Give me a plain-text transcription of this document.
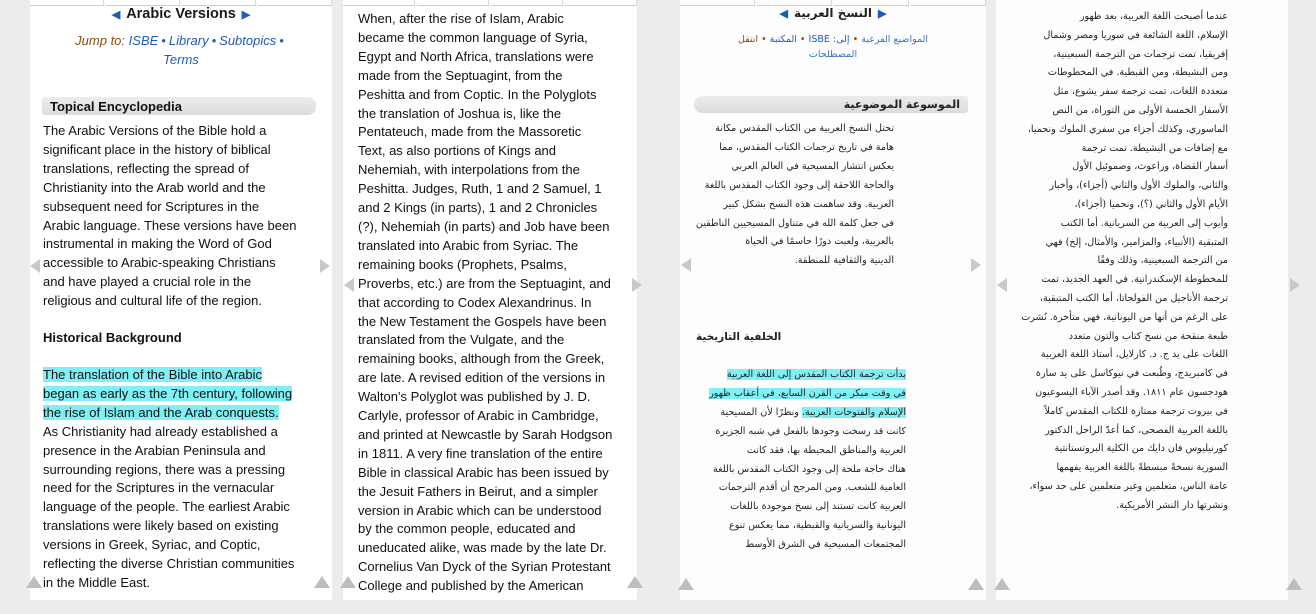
◀ Arabic Versions ▶
Jump to: ISBE • Library • Subtopics •
Terms
Topical Encyclopedia
The Arabic Versions of the Bible hold a
significant place in the history of biblical
translations, reflecting the spread of
Christianity into the Arab world and the
subsequent need for Scriptures in the
Arabic language. These versions have been
instrumental in making the Word of God
accessible to Arabic-speaking Christians
and have played a crucial role in the
religious and cultural life of the region.
Historical Background
The translation of the Bible into Arabic
began as early as the 7th century, following
the rise of Islam and the Arab conquests.
As Christianity had already established a
presence in the Arabian Peninsula and
surrounding regions, there was a pressing
need for the Scriptures in the vernacular
language of the people. The earliest Arabic
translations were likely based on existing
versions in Greek, Syriac, and Coptic,
reflecting the diverse Christian communities
in the Middle East.
When, after the rise of Islam, Arabic
became the common language of Syria,
Egypt and North Africa, translations were
made from the Septuagint, from the
Peshitta and from Coptic. In the Polyglots
the translation of Joshua is, like the
Pentateuch, made from the Massoretic
Text, as also portions of Kings and
Nehemiah, with interpolations from the
Peshitta. Judges, Ruth, 1 and 2 Samuel, 1
and 2 Kings (in parts), 1 and 2 Chronicles
(?), Nehemiah (in parts) and Job have been
translated into Arabic from Syriac. The
remaining books (Prophets, Psalms,
Proverbs, etc.) are from the Septuagint, and
that according to Codex Alexandrinus. In
the New Testament the Gospels have been
translated from the Vulgate, and the
remaining books, although from the Greek,
are late. A revised edition of the versions in
Walton's Polyglot was published by J. D.
Carlyle, professor of Arabic in Cambridge,
and printed at Newcastle by Sarah Hodgson
in 1811. A very fine translation of the entire
Bible in classical Arabic has been issued by
the Jesuit Fathers in Beirut, and a simpler
version in Arabic which can be understood
by the common people, educated and
uneducated alike, was made by the late Dr.
Cornelius Van Dyck of the Syrian Protestant
College and published by the American
◀ النسخ العربية ▶
المواضيع الفرعية • إلى: ISBE • المكتبة • انتقل
المصطلحات
الموسوعة الموضوعية
تحتل النسخ العربية من الكتاب المقدس مكانة
هامة في تاريخ ترجمات الكتاب المقدس، مما
يعكس انتشار المسيحية في العالم العربي
والحاجة اللاحقة إلى وجود الكتاب المقدس باللغة
العربية. وقد ساهمت هذه النسخ بشكل كبير
في جعل كلمة الله في متناول المسيحيين الناطقين
بالعربية، ولعبت دورًا حاسمًا في الحياة
الدينية والثقافية للمنطقة.
الخلفية التاريخية
بدأت ترجمة الكتاب المقدس إلى اللغة العربية
في وقت مبكر من القرن السابع، في أعقاب ظهور
الإسلام والفتوحات العربية. ونظرًا لأن المسيحية
كانت قد رسخت وجودها بالفعل في شبه الجزيرة
العربية والمناطق المحيطة بها، فقد كانت
هناك حاجة ملحة إلى وجود الكتاب المقدس باللغة
العامية للشعب. ومن المرجح أن أقدم الترجمات
العربية كانت تستند إلى نسخ موجودة باللغات
اليونانية والسريانية والقبطية، مما يعكس تنوع
المجتمعات المسيحية في الشرق الأوسط
عندما أصبحت اللغة العربية، بعد ظهور
الإسلام، اللغة الشائعة في سوريا ومصر وشمال
إفريقيا، تمت ترجمات من الترجمة السبعينية،
ومن البشيطة، ومن القبطية. في المخطوطات
متعددة اللغات، تمت ترجمة سفر يشوع، مثل
الأسفار الخمسة الأولى من التوراة، من النص
الماسوري، وكذلك أجزاء من سفري الملوك ونحميا،
مع إضافات من البشيطة. تمت ترجمة
أسفار القضاة، وراعوث، وصموئيل الأول
والثاني، والملوك الأول والثاني (أجزاء)، وأخبار
الأيام الأول والثاني (؟)، ونحميا (أجزاء)،
وأيوب إلى العربية من السريانية. أما الكتب
المتبقية (الأنبياء، والمزامير، والأمثال، إلخ) فهي
من الترجمة السبعينية، وذلك وفقًا
للمخطوطة الإسكندرانية. في العهد الجديد، تمت
ترجمة الأناجيل من الفولجاتا، أما الكتب المتبقية،
على الرغم من أنها من اليونانية، فهي متأخرة. نُشرت
طبعة منقحة من نسخ كتاب والتون متعدد
اللغات على يد ج. د. كارلايل، أستاذ اللغة العربية
في كامبريدج، وطُبعت في نيوكاسل على يد سارة
هودجسون عام ١٨١١. وقد أصدر الآباء اليسوعيون
في بيروت ترجمة ممتازة للكتاب المقدس كاملاً
باللغة العربية الفصحى، كما أعدّ الراحل الدكتور
كورنيليوس فان دايك من الكلية البروتستانتية
السورية نسخةً مبسطةً باللغة العربية يفهمها
عامة الناس، متعلمين وغير متعلمين على حد سواء،
ونشرتها دار النشر الأمريكية.
